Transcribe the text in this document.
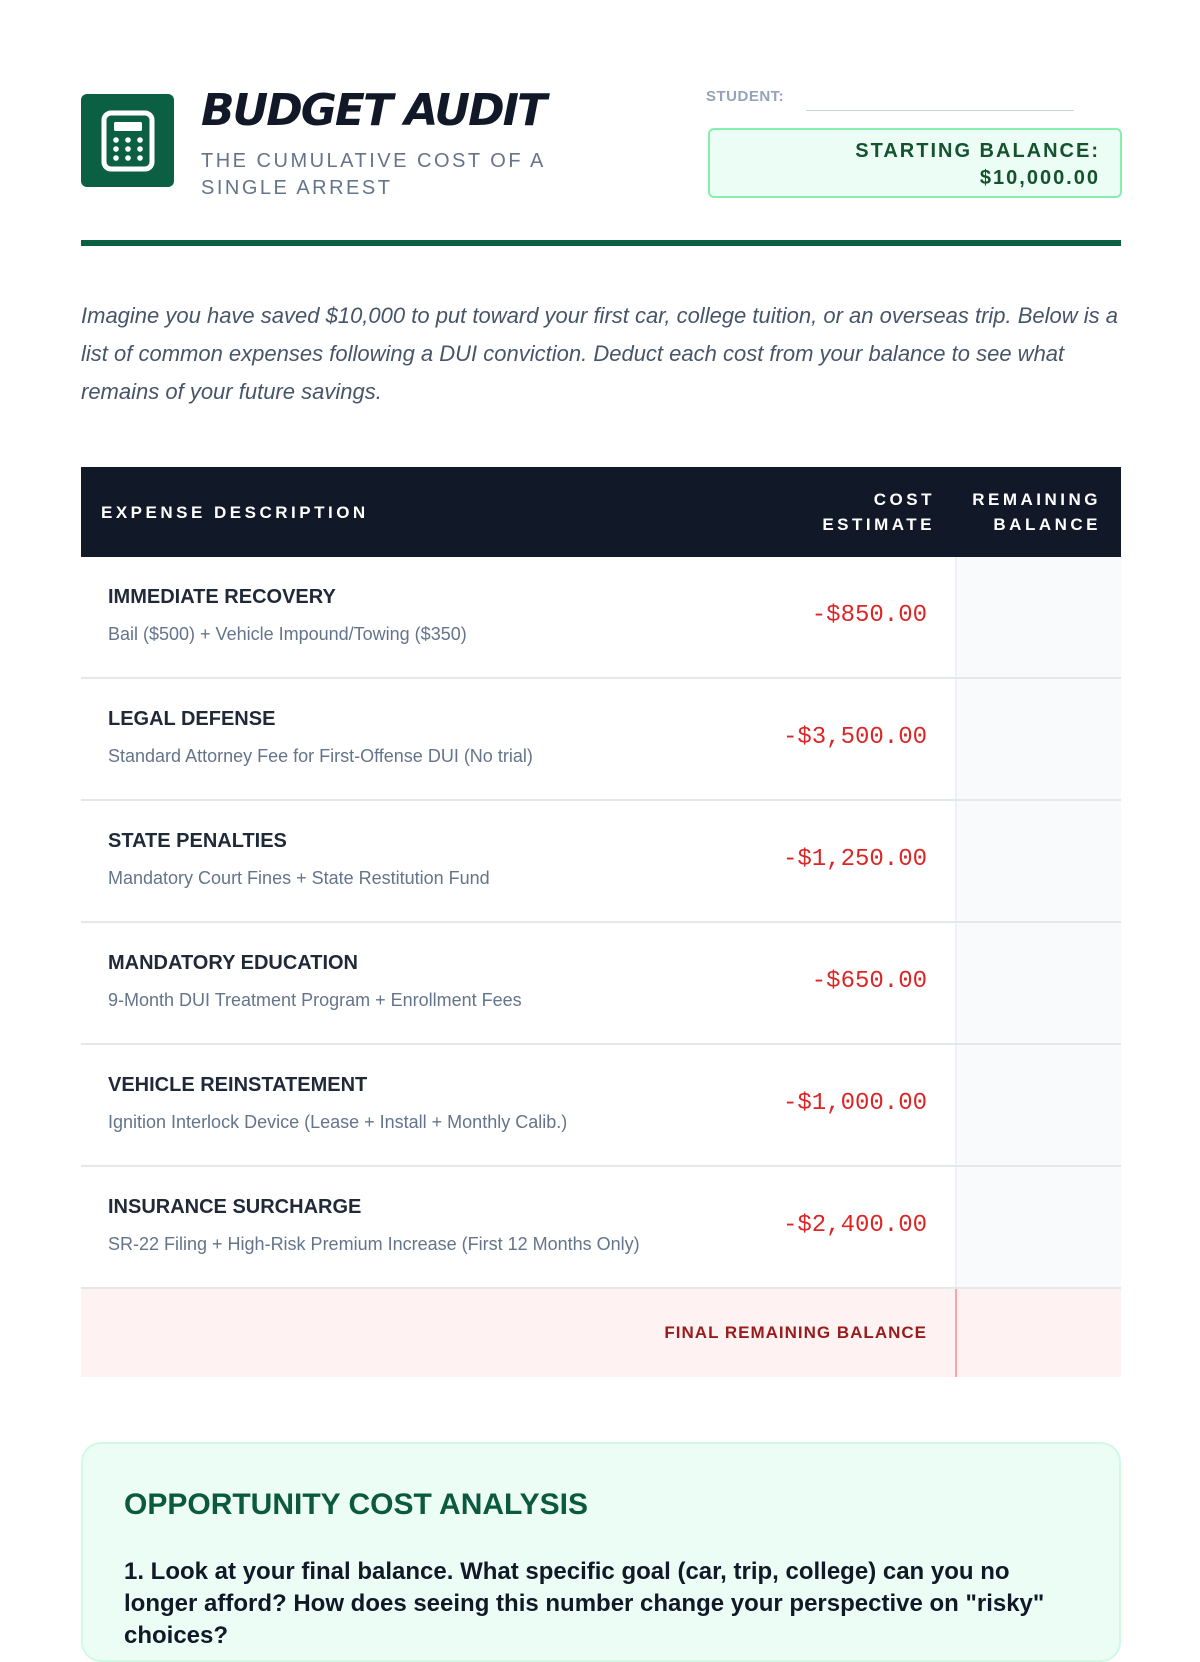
BUDGET AUDIT
THE CUMULATIVE COST OF A SINGLE ARREST
STUDENT:
STARTING BALANCE:
$10,000.00

Imagine you have saved $10,000 to put toward your first car, college tuition, or an overseas trip. Below is a list of common expenses following a DUI conviction. Deduct each cost from your balance to see what remains of your future savings.

EXPENSE DESCRIPTION
COST
ESTIMATE
REMAINING
BALANCE
IMMEDIATE RECOVERY
Bail ($500) + Vehicle Impound/Towing ($350)
-$850.00
LEGAL DEFENSE
Standard Attorney Fee for First-Offense DUI (No trial)
-$3,500.00
STATE PENALTIES
Mandatory Court Fines + State Restitution Fund
-$1,250.00
MANDATORY EDUCATION
9-Month DUI Treatment Program + Enrollment Fees
-$650.00
VEHICLE REINSTATEMENT
Ignition Interlock Device (Lease + Install + Monthly Calib.)
-$1,000.00
INSURANCE SURCHARGE
SR-22 Filing + High-Risk Premium Increase (First 12 Months Only)
-$2,400.00
FINAL REMAINING BALANCE
OPPORTUNITY COST ANALYSIS
1. Look at your final balance. What specific goal (car, trip, college) can you no longer afford? How does seeing this number change your perspective on "risky" choices?
